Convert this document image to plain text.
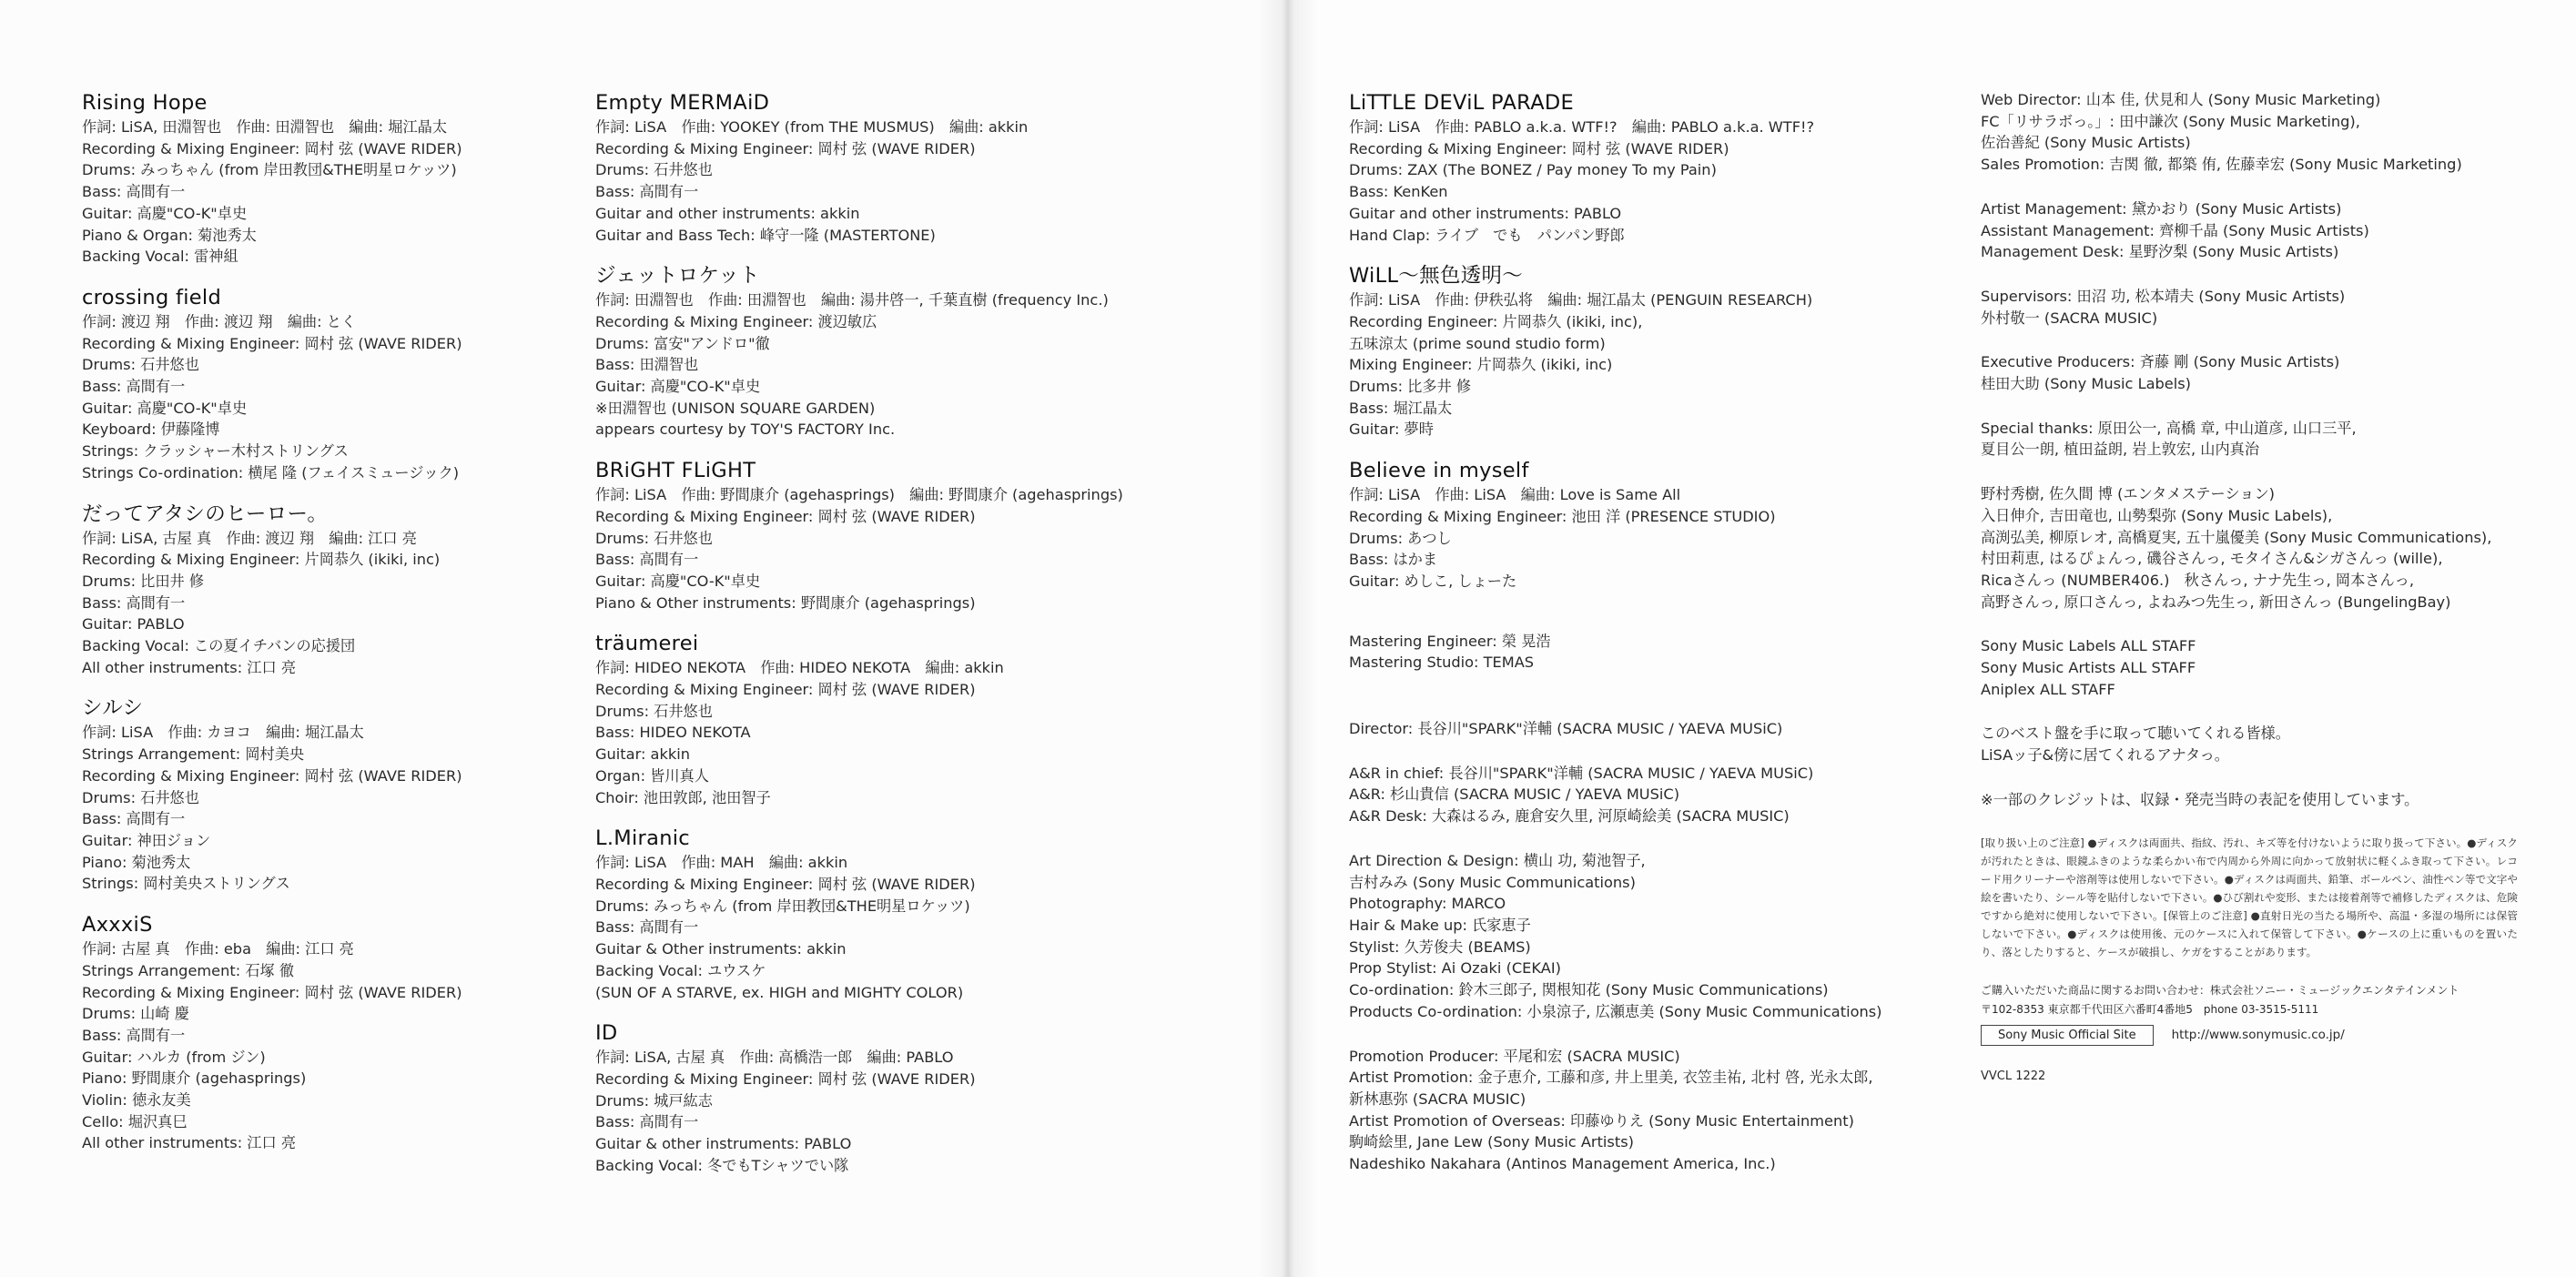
Rising Hope
作詞: LiSA, 田淵智也　作曲: 田淵智也　編曲: 堀江晶太
Recording & Mixing Engineer: 岡村 弦 (WAVE RIDER)
Drums: みっちゃん (from 岸田教団&THE明星ロケッツ)
Bass: 高間有一
Guitar: 高慶"CO-K"卓史
Piano & Organ: 菊池秀太
Backing Vocal: 雷神組
crossing field
作詞: 渡辺 翔　作曲: 渡辺 翔　編曲: とく
Recording & Mixing Engineer: 岡村 弦 (WAVE RIDER)
Drums: 石井悠也
Bass: 高間有一
Guitar: 高慶"CO-K"卓史
Keyboard: 伊藤隆博
Strings: クラッシャー木村ストリングス
Strings Co-ordination: 横尾 隆 (フェイスミュージック)
だってアタシのヒーロー。
作詞: LiSA, 古屋 真　作曲: 渡辺 翔　編曲: 江口 亮
Recording & Mixing Engineer: 片岡恭久 (ikiki, inc)
Drums: 比田井 修
Bass: 高間有一
Guitar: PABLO
Backing Vocal: この夏イチバンの応援団
All other instruments: 江口 亮
シルシ
作詞: LiSA　作曲: カヨコ　編曲: 堀江晶太
Strings Arrangement: 岡村美央
Recording & Mixing Engineer: 岡村 弦 (WAVE RIDER)
Drums: 石井悠也
Bass: 高間有一
Guitar: 神田ジョン
Piano: 菊池秀太
Strings: 岡村美央ストリングス
AxxxiS
作詞: 古屋 真　作曲: eba　編曲: 江口 亮
Strings Arrangement: 石塚 徹
Recording & Mixing Engineer: 岡村 弦 (WAVE RIDER)
Drums: 山崎 慶
Bass: 高間有一
Guitar: ハルカ (from ジン)
Piano: 野間康介 (agehasprings)
Violin: 徳永友美
Cello: 堀沢真巳
All other instruments: 江口 亮
Empty MERMAiD
作詞: LiSA　作曲: YOOKEY (from THE MUSMUS)　編曲: akkin
Recording & Mixing Engineer: 岡村 弦 (WAVE RIDER)
Drums: 石井悠也
Bass: 高間有一
Guitar and other instruments: akkin
Guitar and Bass Tech: 峰守一隆 (MASTERTONE)
ジェットロケット
作詞: 田淵智也　作曲: 田淵智也　編曲: 湯井啓一, 千葉直樹 (frequency Inc.)
Recording & Mixing Engineer: 渡辺敏広
Drums: 富安"アンドロ"徹
Bass: 田淵智也
Guitar: 高慶"CO-K"卓史
※田淵智也 (UNISON SQUARE GARDEN)
appears courtesy by TOY'S FACTORY Inc.
BRiGHT FLiGHT
作詞: LiSA　作曲: 野間康介 (agehasprings)　編曲: 野間康介 (agehasprings)
Recording & Mixing Engineer: 岡村 弦 (WAVE RIDER)
Drums: 石井悠也
Bass: 高間有一
Guitar: 高慶"CO-K"卓史
Piano & Other instruments: 野間康介 (agehasprings)
träumerei
作詞: HIDEO NEKOTA　作曲: HIDEO NEKOTA　編曲: akkin
Recording & Mixing Engineer: 岡村 弦 (WAVE RIDER)
Drums: 石井悠也
Bass: HIDEO NEKOTA
Guitar: akkin
Organ: 皆川真人
Choir: 池田敦郎, 池田智子
L.Miranic
作詞: LiSA　作曲: MAH　編曲: akkin
Recording & Mixing Engineer: 岡村 弦 (WAVE RIDER)
Drums: みっちゃん (from 岸田教団&THE明星ロケッツ)
Bass: 高間有一
Guitar & Other instruments: akkin
Backing Vocal: ユウスケ
(SUN OF A STARVE, ex. HIGH and MIGHTY COLOR)
ID
作詞: LiSA, 古屋 真　作曲: 高橋浩一郎　編曲: PABLO
Recording & Mixing Engineer: 岡村 弦 (WAVE RIDER)
Drums: 城戸紘志
Bass: 高間有一
Guitar & other instruments: PABLO
Backing Vocal: 冬でもTシャツでい隊
LiTTLE DEViL PARADE
作詞: LiSA　作曲: PABLO a.k.a. WTF!?　編曲: PABLO a.k.a. WTF!?
Recording & Mixing Engineer: 岡村 弦 (WAVE RIDER)
Drums: ZAX (The BONEZ / Pay money To my Pain)
Bass: KenKen
Guitar and other instruments: PABLO
Hand Clap: ライブ　でも　パンパン野郎
WiLL～無色透明～
作詞: LiSA　作曲: 伊秩弘将　編曲: 堀江晶太 (PENGUIN RESEARCH)
Recording Engineer: 片岡恭久 (ikiki, inc),
五味涼太 (prime sound studio form)
Mixing Engineer: 片岡恭久 (ikiki, inc)
Drums: 比多井 修
Bass: 堀江晶太
Guitar: 夢時
Believe in myself
作詞: LiSA　作曲: LiSA　編曲: Love is Same All
Recording & Mixing Engineer: 池田 洋 (PRESENCE STUDIO)
Drums: あつし
Bass: はかま
Guitar: めしこ, しょーた
Mastering Engineer: 榮 晃浩
Mastering Studio: TEMAS
Director: 長谷川"SPARK"洋輔 (SACRA MUSIC / YAEVA MUSiC)
A&R in chief: 長谷川"SPARK"洋輔 (SACRA MUSIC / YAEVA MUSiC)
A&R: 杉山貴信 (SACRA MUSIC / YAEVA MUSiC)
A&R Desk: 大森はるみ, 鹿倉安久里, 河原崎絵美 (SACRA MUSIC)
Art Direction & Design: 横山 功, 菊池智子,
吉村みみ (Sony Music Communications)
Photography: MARCO
Hair & Make up: 氏家恵子
Stylist: 久芳俊夫 (BEAMS)
Prop Stylist: Ai Ozaki (CEKAI)
Co-ordination: 鈴木三郎子, 関根知花 (Sony Music Communications)
Products Co-ordination: 小泉涼子, 広瀬恵美 (Sony Music Communications)
Promotion Producer: 平尾和宏 (SACRA MUSIC)
Artist Promotion: 金子恵介, 工藤和彦, 井上里美, 衣笠圭祐, 北村 啓, 光永太郎,
新林惠弥 (SACRA MUSIC)
Artist Promotion of Overseas: 印藤ゆりえ (Sony Music Entertainment)
駒崎絵里, Jane Lew (Sony Music Artists)
Nadeshiko Nakahara (Antinos Management America, Inc.)
Web Director: 山本 佳, 伏見和人 (Sony Music Marketing)
FC「リサラボっ。」: 田中謙次 (Sony Music Marketing),
佐治善紀 (Sony Music Artists)
Sales Promotion: 吉関 徹, 都築 侑, 佐藤幸宏 (Sony Music Marketing)
Artist Management: 黛かおり (Sony Music Artists)
Assistant Management: 齊柳千晶 (Sony Music Artists)
Management Desk: 星野汐梨 (Sony Music Artists)
Supervisors: 田沼 功, 松本靖夫 (Sony Music Artists)
外村敬一 (SACRA MUSIC)
Executive Producers: 斉藤 剛 (Sony Music Artists)
桂田大助 (Sony Music Labels)
Special thanks: 原田公一, 高橋 章, 中山道彦, 山口三平,
夏目公一朗, 植田益朗, 岩上敦宏, 山内真治
野村秀樹, 佐久間 博 (エンタメステーション)
入日伸介, 吉田竜也, 山勢梨弥 (Sony Music Labels),
高渕弘美, 柳原レオ, 高橋夏実, 五十嵐優美 (Sony Music Communications),
村田莉恵, はるぴょんっ, 磯谷さんっ, モタイさん&シガさんっ (wille),
Ricaさんっ (NUMBER406.)　秋さんっ, ナナ先生っ, 岡本さんっ,
高野さんっ, 原口さんっ, よねみつ先生っ, 新田さんっ (BungelingBay)
Sony Music Labels ALL STAFF
Sony Music Artists ALL STAFF
Aniplex ALL STAFF
このベスト盤を手に取って聴いてくれる皆様。
LiSAッ子&傍に居てくれるアナタっ。
※一部のクレジットは、収録・発売当時の表記を使用しています。
[取り扱い上のご注意] ●ディスクは両面共、指紋、汚れ、キズ等を付けないように取り扱って下さい。●ディスクが汚れたときは、眼鏡ふきのような柔らかい布で内周から外周に向かって放射状に軽くふき取って下さい。レコード用クリーナーや溶剤等は使用しないで下さい。●ディスクは両面共、鉛筆、ボールペン、油性ペン等で文字や絵を書いたり、シール等を貼付しないで下さい。●ひび割れや変形、または接着剤等で補修したディスクは、危険ですから絶対に使用しないで下さい。[保管上のご注意] ●直射日光の当たる場所や、高温・多湿の場所には保管しないで下さい。●ディスクは使用後、元のケースに入れて保管して下さい。●ケースの上に重いものを置いたり、落としたりすると、ケースが破損し、ケガをすることがあります。
ご購入いただいた商品に関するお問い合わせ：株式会社ソニー・ミュージックエンタテインメント
〒102-8353 東京都千代田区六番町4番地5　phone 03-3515-5111
Sony Music Official Site	http://www.sonymusic.co.jp/
VVCL 1222
